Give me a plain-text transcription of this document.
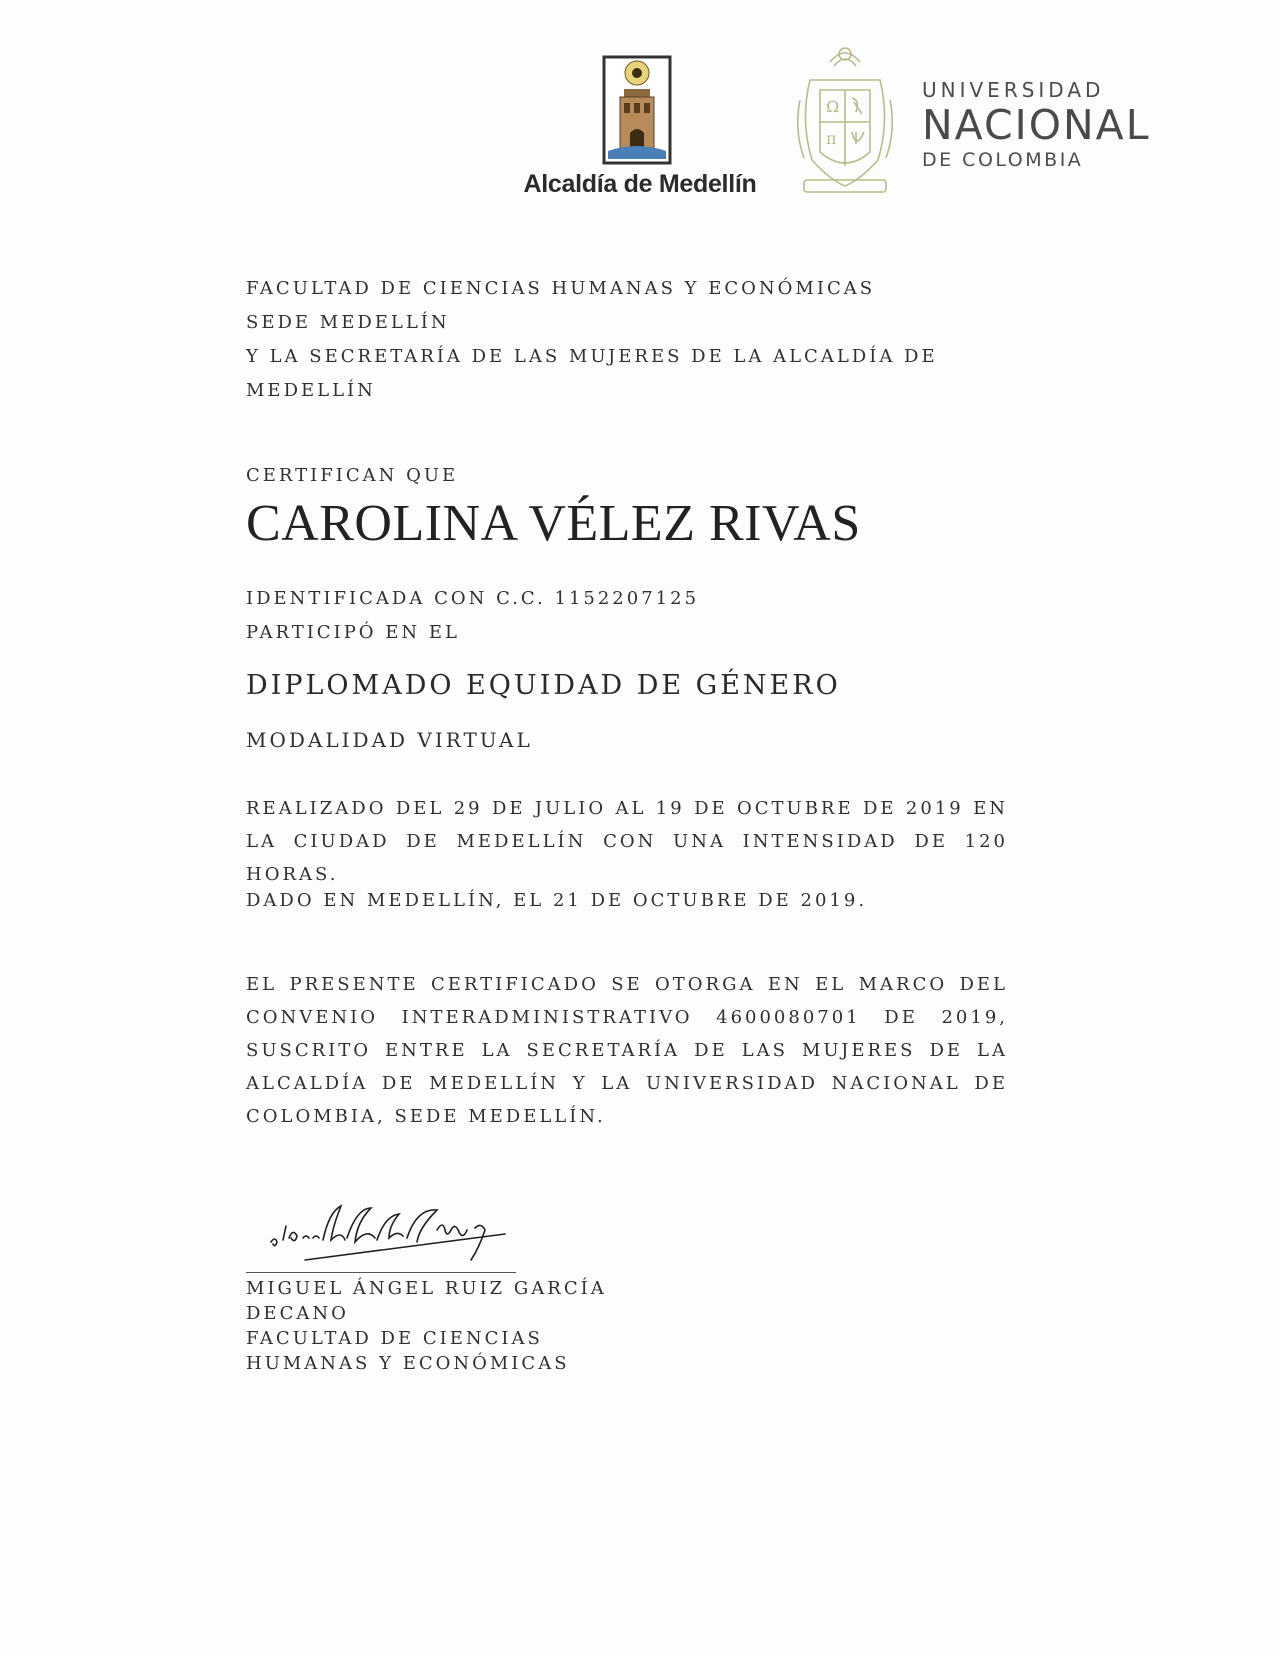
Alcaldía de Medellín
Ω
π
UNIVERSIDAD
NACIONAL
DE COLOMBIA

FACULTAD DE CIENCIAS HUMANAS Y ECONÓMICAS

SEDE MEDELLÍN

Y LA SECRETARÍA DE LAS MUJERES DE LA ALCALDÍA DE MEDELLÍN

CERTIFICAN QUE

CAROLINA VÉLEZ RIVAS

IDENTIFICADA CON C.C. 1152207125

PARTICIPÓ EN EL

DIPLOMADO EQUIDAD DE GÉNERO

MODALIDAD VIRTUAL

REALIZADO DEL 29 DE JULIO AL 19 DE OCTUBRE DE 2019 EN LA CIUDAD DE MEDELLÍN CON UNA INTENSIDAD DE 120 HORAS.

DADO EN MEDELLÍN, EL 21 DE OCTUBRE DE 2019.

EL PRESENTE CERTIFICADO SE OTORGA EN EL MARCO DEL CONVENIO INTERADMINISTRATIVO 4600080701 DE 2019, SUSCRITO ENTRE LA SECRETARÍA DE LAS MUJERES DE LA ALCALDÍA DE MEDELLÍN Y LA UNIVERSIDAD NACIONAL DE COLOMBIA, SEDE MEDELLÍN.

MIGUEL ÁNGEL RUIZ GARCÍA

DECANO

FACULTAD DE CIENCIAS

HUMANAS Y ECONÓMICAS
